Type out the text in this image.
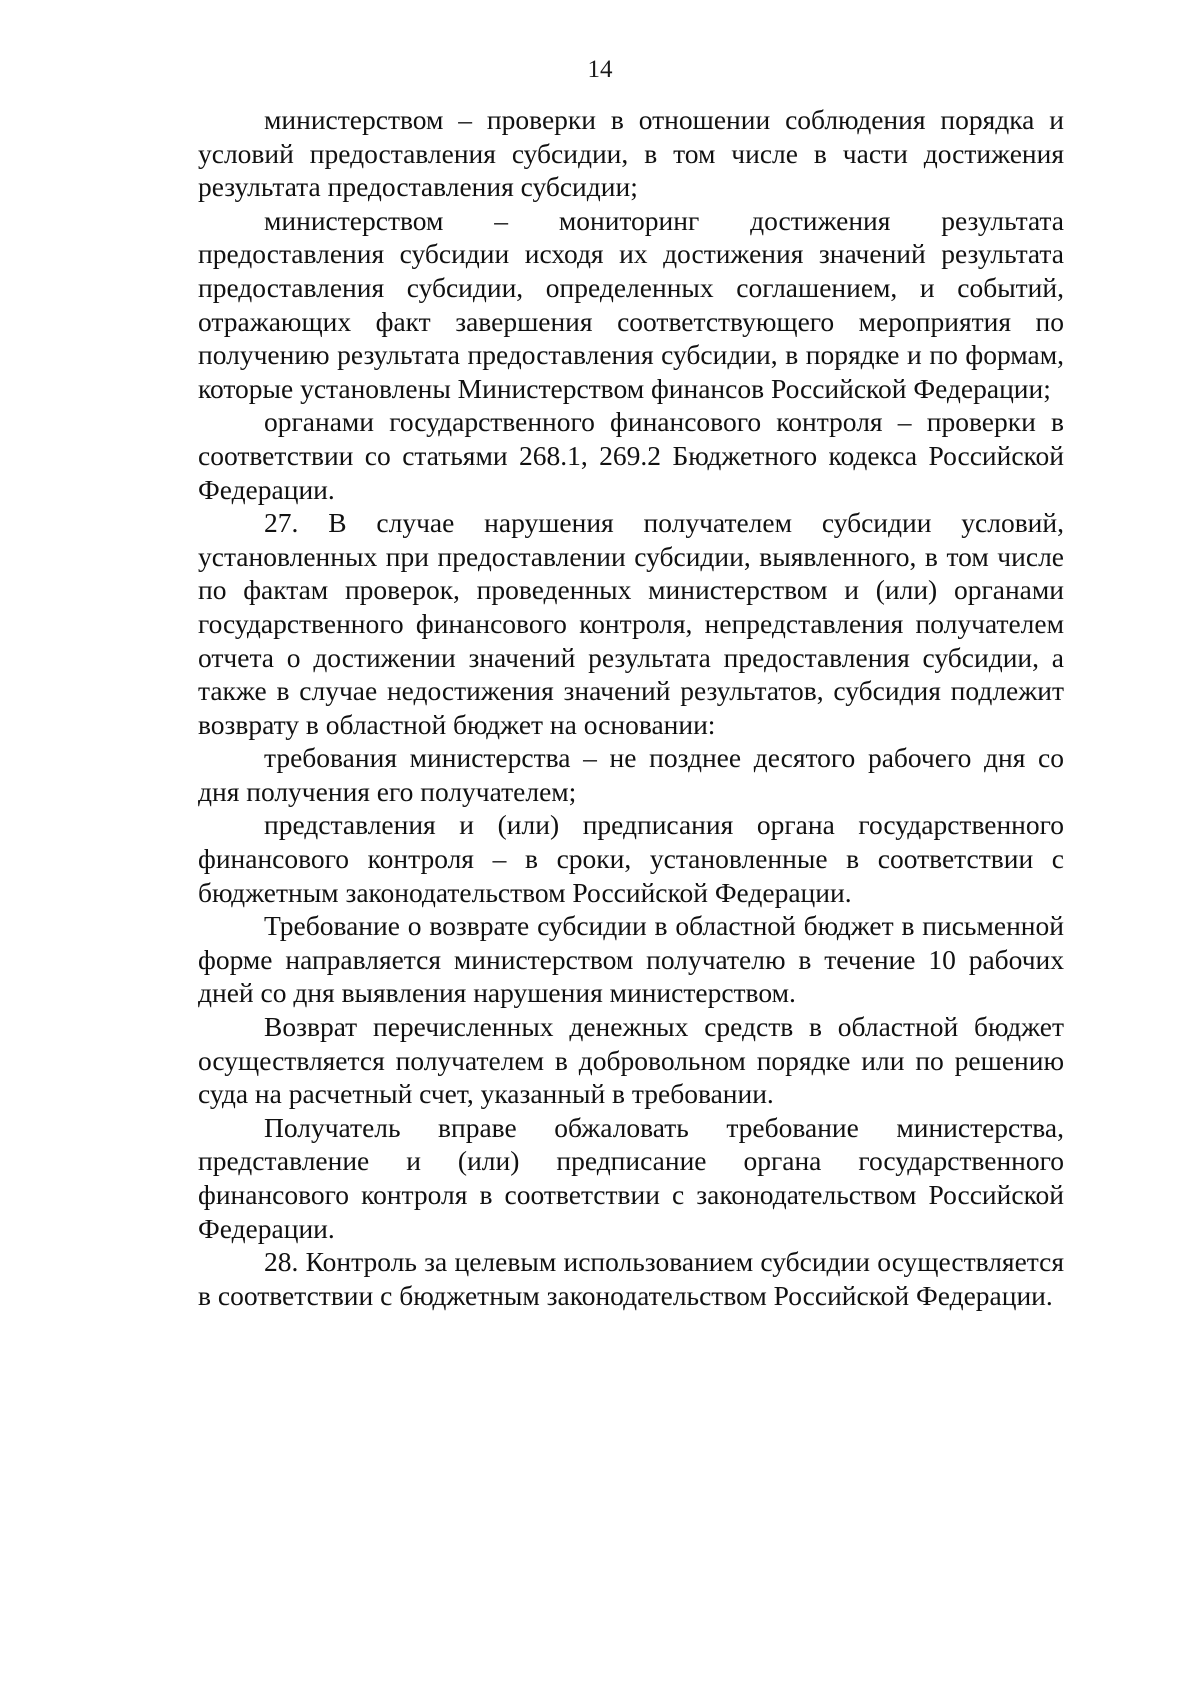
14

министерством – проверки в отношении соблюдения порядка и условий предоставления субсидии, в том числе в части достижения результата предоставления субсидии;

министерством – мониторинг достижения результата предоставления субсидии исходя их достижения значений результата предоставления субсидии, определенных соглашением, и событий, отражающих факт завершения соответствующего мероприятия по получению результата предоставления субсидии, в порядке и по формам, которые установлены Министерством финансов Российской Федерации;

органами государственного финансового контроля – проверки в соответствии со статьями 268.1, 269.2 Бюджетного кодекса Российской Федерации.

27. В случае нарушения получателем субсидии условий, установленных при предоставлении субсидии, выявленного, в том числе по фактам проверок, проведенных министерством и (или) органами государственного финансового контроля, непредставления получателем отчета о достижении значений результата предоставления субсидии, а также в случае недостижения значений результатов, субсидия подлежит возврату в областной бюджет на основании:

требования министерства – не позднее десятого рабочего дня со дня получения его получателем;

представления и (или) предписания органа государственного финансового контроля – в сроки, установленные в соответствии с бюджетным законодательством Российской Федерации.

Требование о возврате субсидии в областной бюджет в письменной форме направляется министерством получателю в течение 10 рабочих дней со дня выявления нарушения министерством.

Возврат перечисленных денежных средств в областной бюджет осуществляется получателем в добровольном порядке или по решению суда на расчетный счет, указанный в требовании.

Получатель вправе обжаловать требование министерства, представление и (или) предписание органа государственного финансового контроля в соответствии с законодательством Российской Федерации.

28. Контроль за целевым использованием субсидии осуществляется в соответствии с бюджетным законодательством Российской Федерации.
